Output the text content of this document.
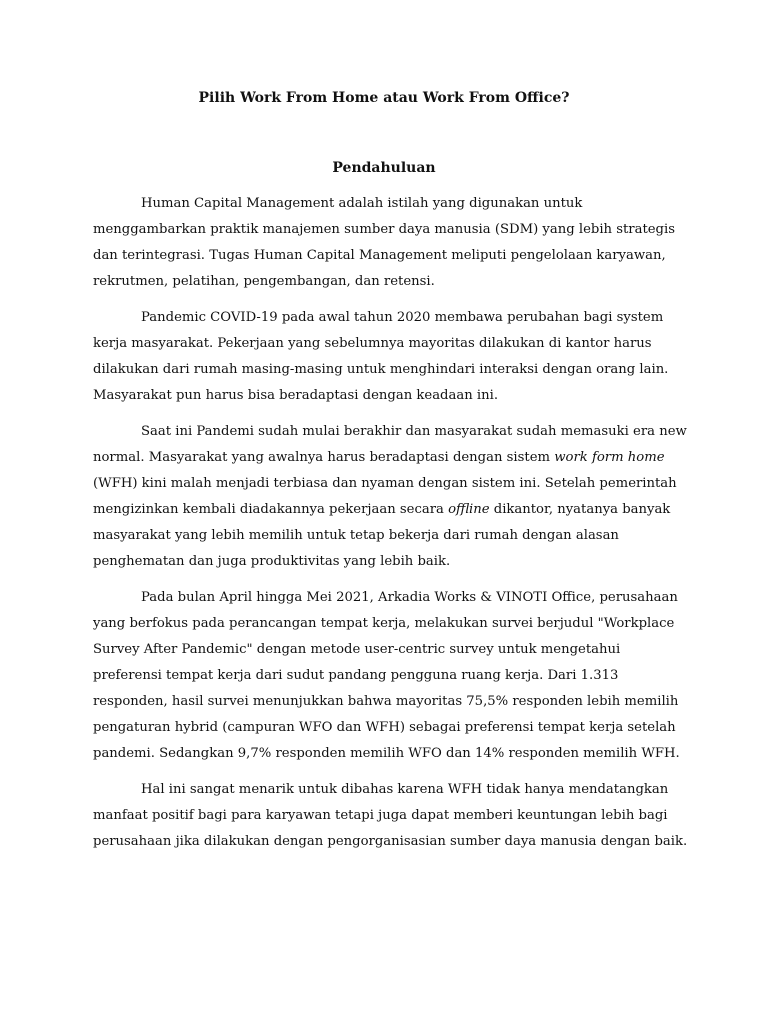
Pilih Work From Home atau Work From Office?
Pendahuluan

Human Capital Management adalah istilah yang digunakan untuk
menggambarkan praktik manajemen sumber daya manusia (SDM) yang lebih strategis
dan terintegrasi. Tugas Human Capital Management meliputi pengelolaan karyawan,
rekrutmen, pelatihan, pengembangan, dan retensi.

Pandemic COVID-19 pada awal tahun 2020 membawa perubahan bagi system
kerja masyarakat. Pekerjaan yang sebelumnya mayoritas dilakukan di kantor harus
dilakukan dari rumah masing-masing untuk menghindari interaksi dengan orang lain.
Masyarakat pun harus bisa beradaptasi dengan keadaan ini.

Saat ini Pandemi sudah mulai berakhir dan masyarakat sudah memasuki era new
normal. Masyarakat yang awalnya harus beradaptasi dengan sistem work form home
(WFH) kini malah menjadi terbiasa dan nyaman dengan sistem ini. Setelah pemerintah
mengizinkan kembali diadakannya pekerjaan secara offline dikantor, nyatanya banyak
masyarakat yang lebih memilih untuk tetap bekerja dari rumah dengan alasan
penghematan dan juga produktivitas yang lebih baik.

Pada bulan April hingga Mei 2021, Arkadia Works & VINOTI Office, perusahaan
yang berfokus pada perancangan tempat kerja, melakukan survei berjudul "Workplace
Survey After Pandemic" dengan metode user-centric survey untuk mengetahui
preferensi tempat kerja dari sudut pandang pengguna ruang kerja. Dari 1.313
responden, hasil survei menunjukkan bahwa mayoritas 75,5% responden lebih memilih
pengaturan hybrid (campuran WFO dan WFH) sebagai preferensi tempat kerja setelah
pandemi. Sedangkan 9,7% responden memilih WFO dan 14% responden memilih WFH.

Hal ini sangat menarik untuk dibahas karena WFH tidak hanya mendatangkan
manfaat positif bagi para karyawan tetapi juga dapat memberi keuntungan lebih bagi
perusahaan jika dilakukan dengan pengorganisasian sumber daya manusia dengan baik.
